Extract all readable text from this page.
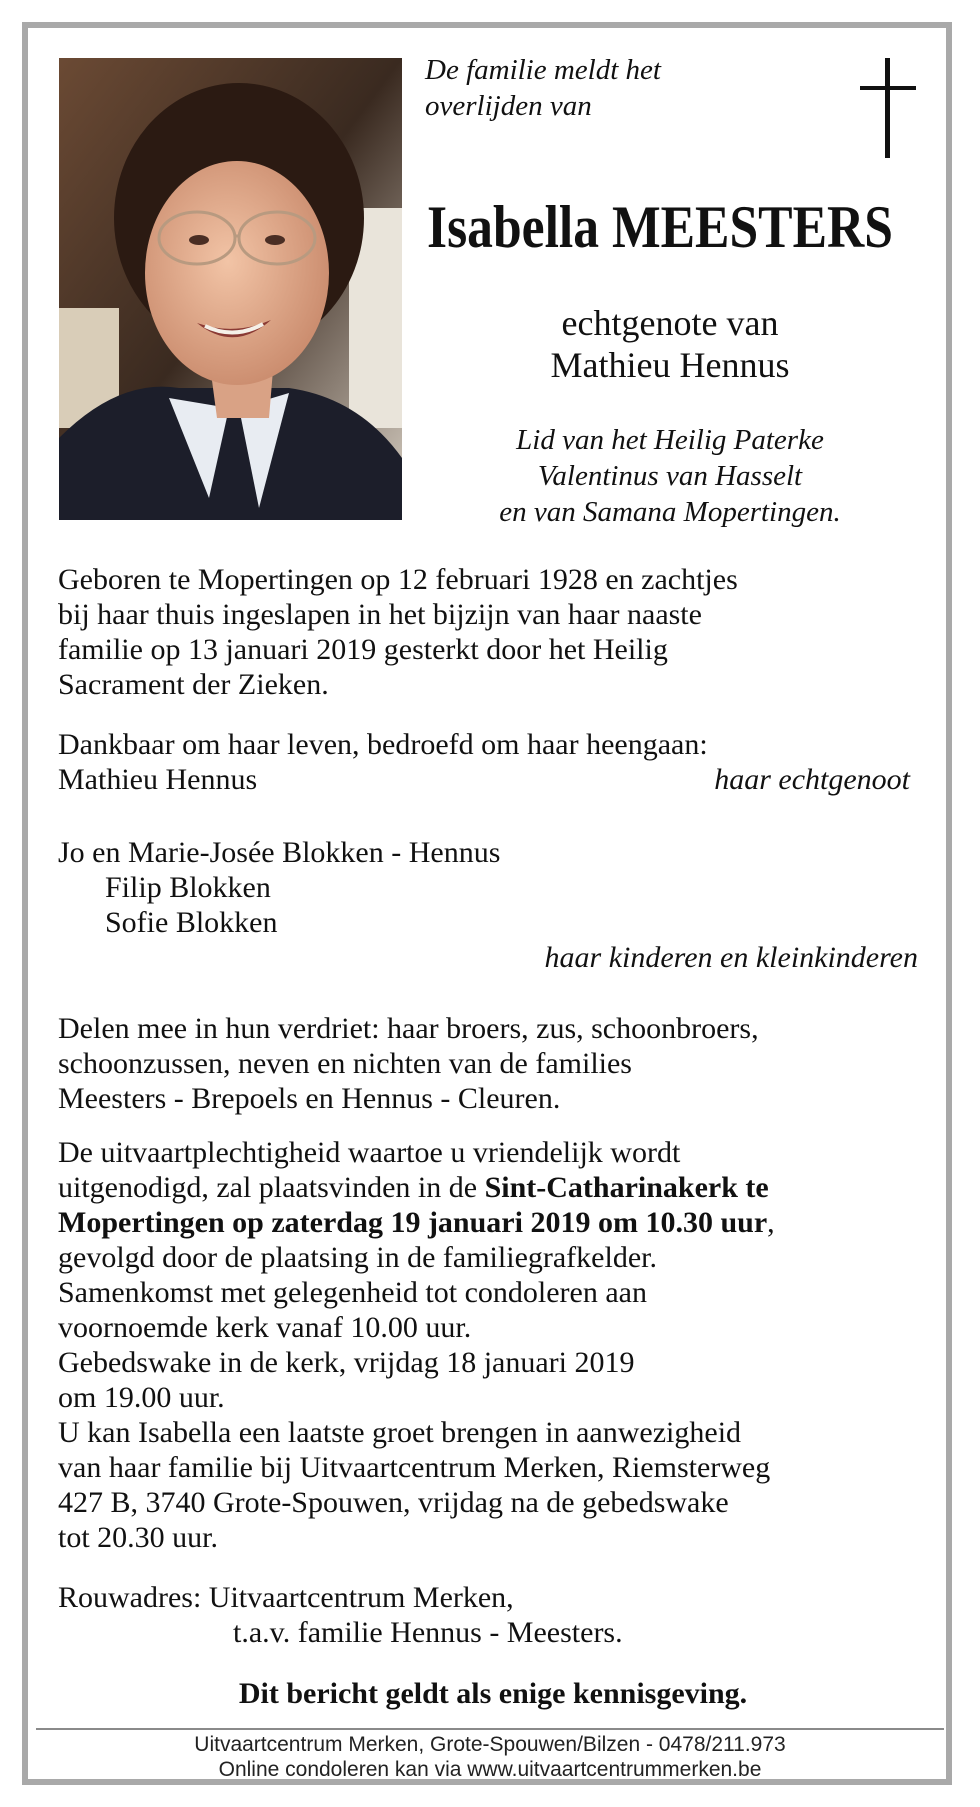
De familie meldt het
overlijden van
Isabella MEESTERS
echtgenote van
Mathieu Hennus
Lid van het Heilig Paterke
Valentinus van Hasselt
en van Samana Mopertingen.

Geboren te Mopertingen op 12 februari 1928 en zachtjes

bij haar thuis ingeslapen in het bijzijn van haar naaste

familie op 13 januari 2019 gesterkt door het Heilig

Sacrament der Zieken.

Dankbaar om haar leven, bedroefd om haar heengaan:

Mathieu Hennus	haar echtgenoot

Jo en Marie-Josée Blokken - Hennus

Filip Blokken

Sofie Blokken

haar kinderen en kleinkinderen

Delen mee in hun verdriet: haar broers, zus, schoonbroers,

schoonzussen, neven en nichten van de families

Meesters - Brepoels en Hennus - Cleuren.

De uitvaartplechtigheid waartoe u vriendelijk wordt

uitgenodigd, zal plaatsvinden in de Sint-Catharinakerk te

Mopertingen op zaterdag 19 januari 2019 om 10.30 uur,

gevolgd door de plaatsing in de familiegrafkelder.

Samenkomst met gelegenheid tot condoleren aan

voornoemde kerk vanaf 10.00 uur.

Gebedswake in de kerk, vrijdag 18 januari 2019

om 19.00 uur.

U kan Isabella een laatste groet brengen in aanwezigheid

van haar familie bij Uitvaartcentrum Merken, Riemsterweg

427 B, 3740 Grote-Spouwen, vrijdag na de gebedswake

tot 20.30 uur.

Rouwadres: Uitvaartcentrum Merken,

t.a.v. familie Hennus - Meesters.

Dit bericht geldt als enige kennisgeving.
Uitvaartcentrum Merken, Grote-Spouwen/Bilzen - 0478/211.973
Online condoleren kan via www.uitvaartcentrummerken.be
